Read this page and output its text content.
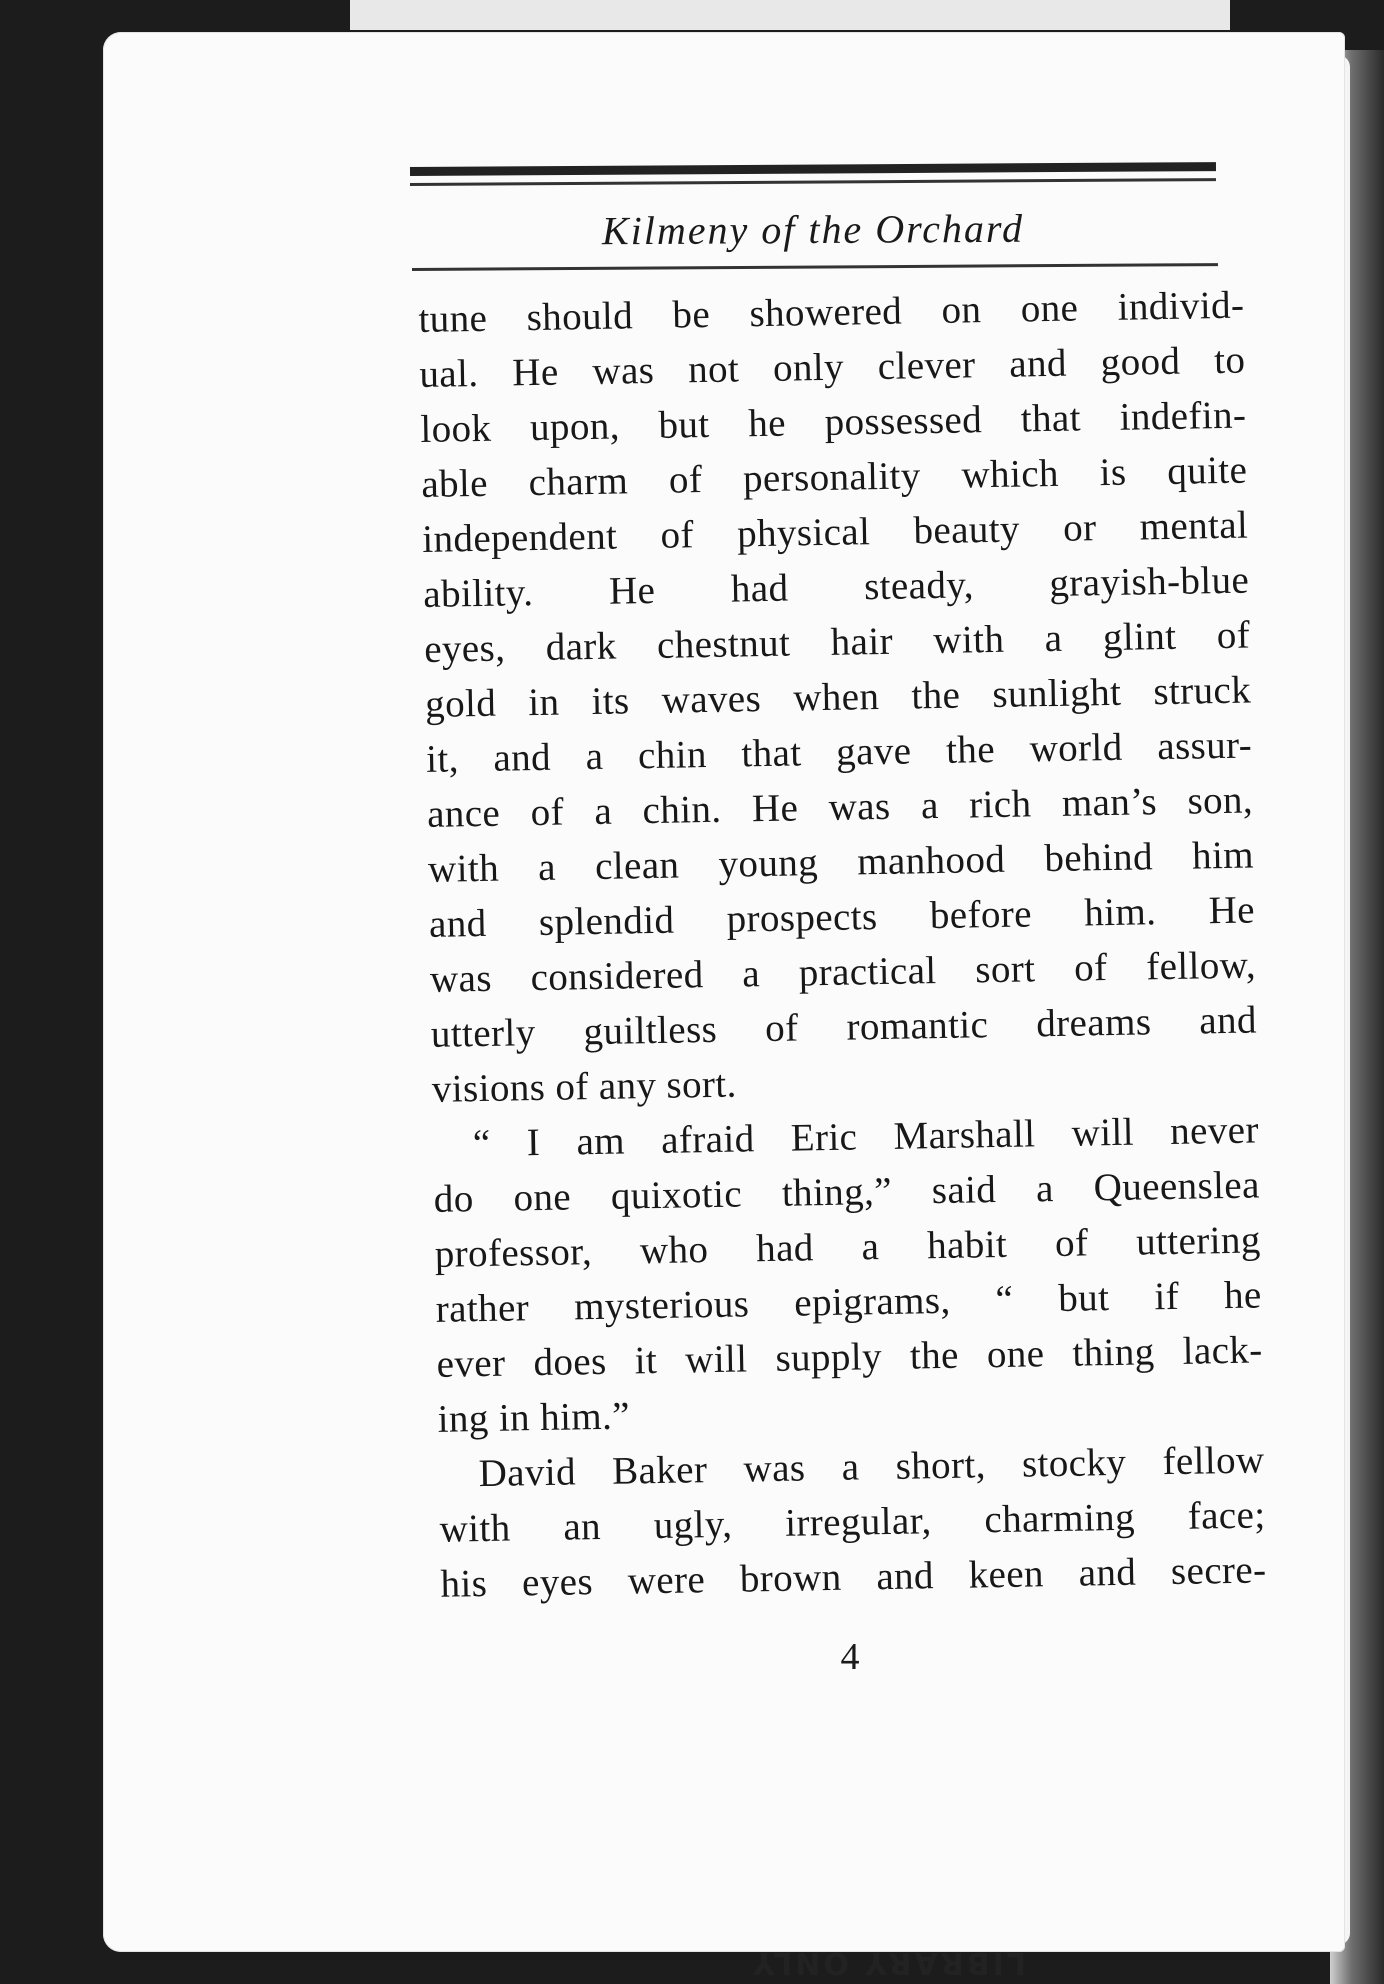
Kilmeny of the Orchard
tune should be showered on one individ-
ual. He was not only clever and good to
look upon, but he possessed that indefin-
able charm of personality which is quite
independent of physical beauty or mental
ability. He had steady, grayish-blue
eyes, dark chestnut hair with a glint of
gold in its waves when the sunlight struck
it, and a chin that gave the world assur-
ance of a chin. He was a rich man’s son,
with a clean young manhood behind him
and splendid prospects before him. He
was considered a practical sort of fellow,
utterly guiltless of romantic dreams and
visions of any sort.
“ I am afraid Eric Marshall will never
do one quixotic thing,” said a Queenslea
professor, who had a habit of uttering
rather mysterious epigrams, “ but if he
ever does it will supply the one thing lack-
ing in him.”
David Baker was a short, stocky fellow
with an ugly, irregular, charming face;
his eyes were brown and keen and secre-
4
LIBRARY ONLY
